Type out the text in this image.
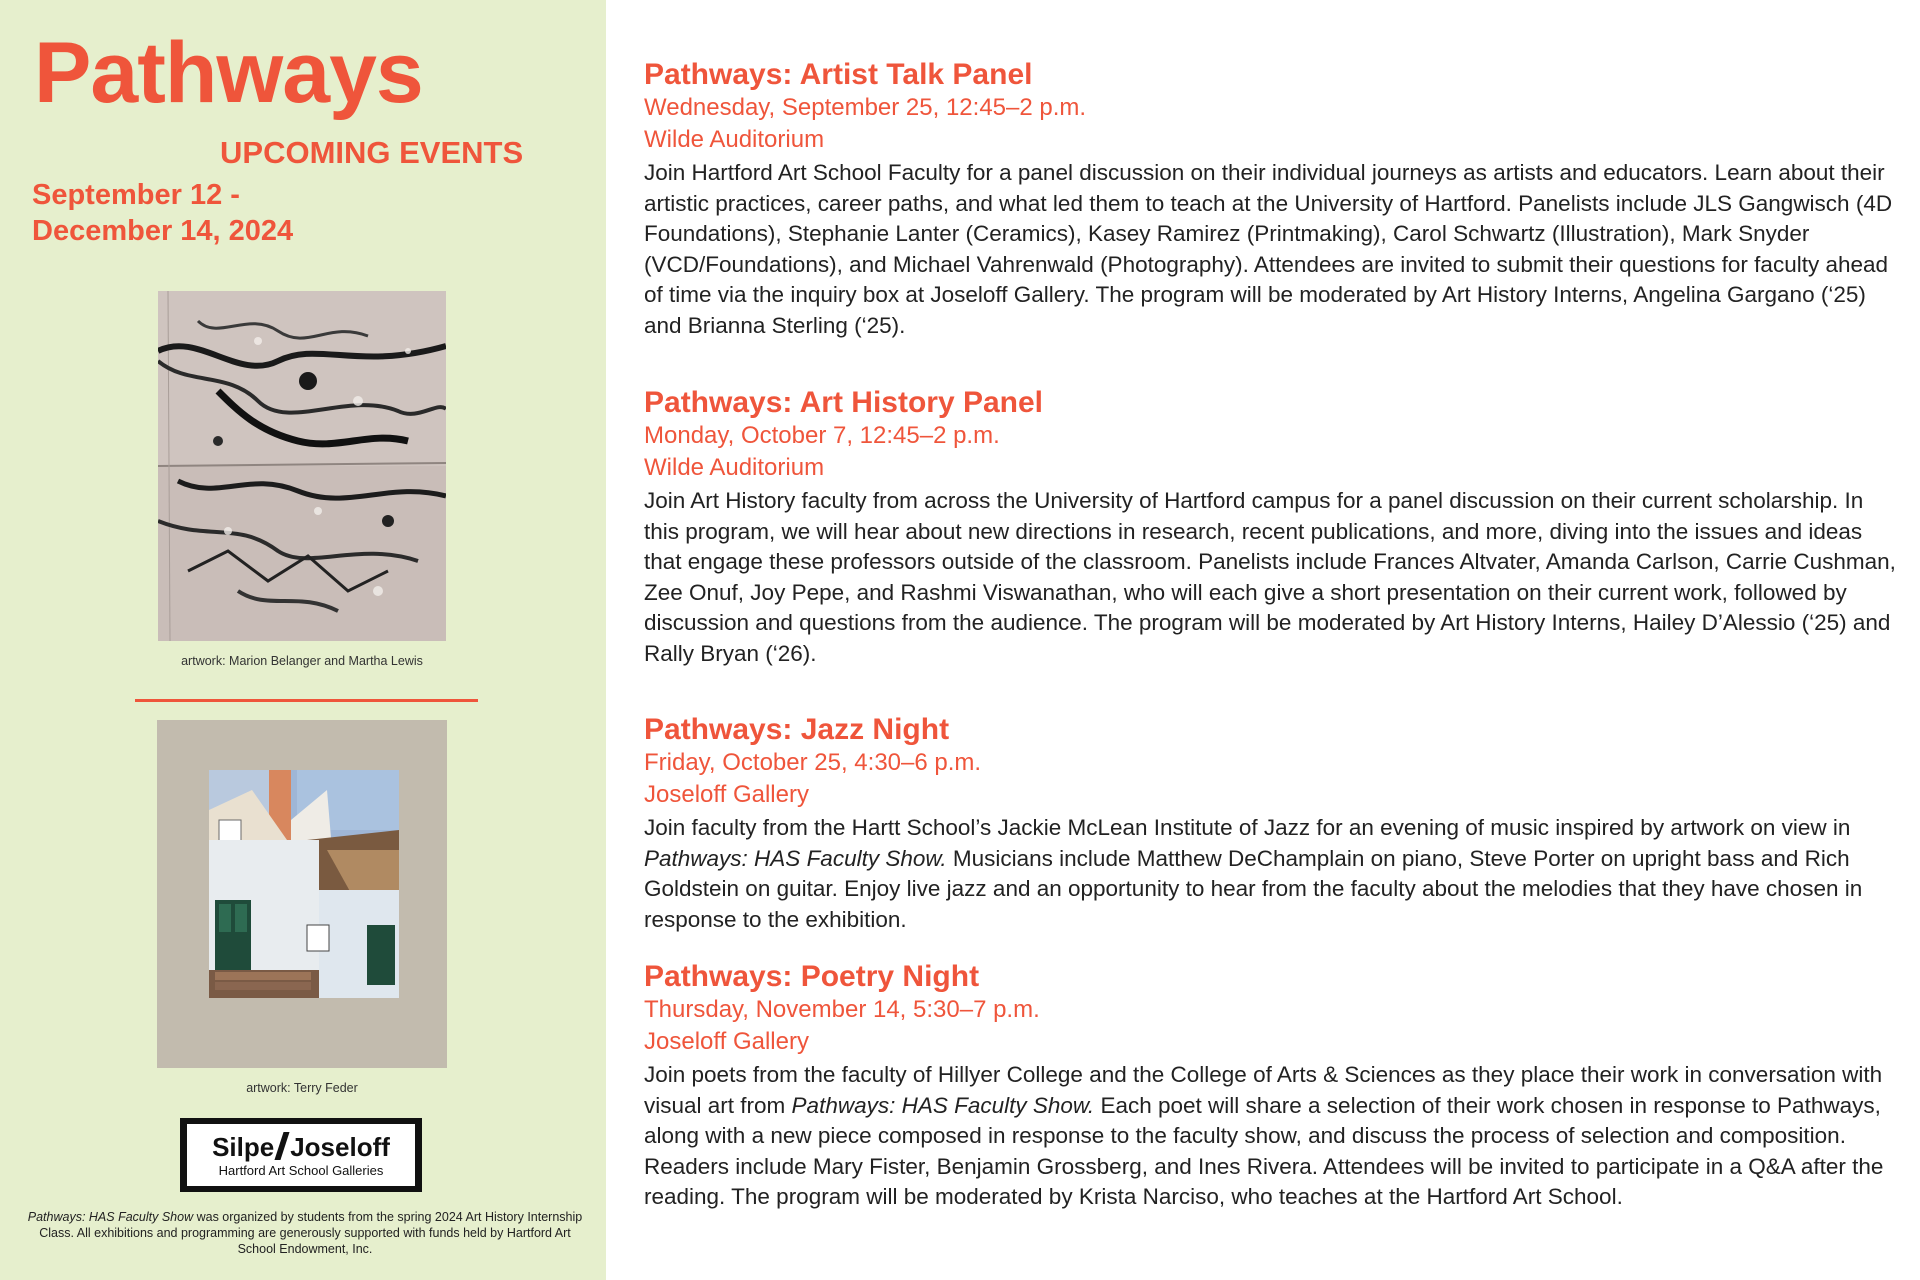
Pathways
UPCOMING EVENTS
September 12 -
December 14, 2024
artwork: Marion Belanger and Martha Lewis
artwork: Terry Feder
Silpe Joseloff
Hartford Art School Galleries
Pathways: HAS Faculty Show was organized by students from the spring 2024 Art History Internship Class. All exhibitions and programming are generously supported with funds held by Hartford Art School Endowment, Inc.
Pathways: Artist Talk Panel
Wednesday, September 25, 12:45–2 p.m.
Wilde Auditorium
Join Hartford Art School Faculty for a panel discussion on their individual journeys as artists and educators. Learn about their artistic practices, career paths, and what led them to teach at the University of Hartford. Panelists include JLS Gangwisch (4D Foundations), Stephanie Lanter (Ceramics), Kasey Ramirez (Printmaking), Carol Schwartz (Illustration), Mark Snyder (VCD/Foundations), and Michael Vahrenwald (Photography). Attendees are invited to submit their questions for faculty ahead of time via the inquiry box at Joseloff Gallery. The program will be moderated by Art History Interns, Angelina Gargano (‘25) and Brianna Sterling (‘25).
Pathways: Art History Panel
Monday, October 7, 12:45–2 p.m.
Wilde Auditorium
Join Art History faculty from across the University of Hartford campus for a panel discussion on their current scholarship. In this program, we will hear about new directions in research, recent publications, and more, diving into the issues and ideas that engage these professors outside of the classroom. Panelists include Frances Altvater, Amanda Carlson, Carrie Cushman, Zee Onuf, Joy Pepe, and Rashmi Viswanathan, who will each give a short presentation on their current work, followed by discussion and questions from the audience. The program will be moderated by Art History Interns, Hailey D’Alessio (‘25) and Rally Bryan (‘26).
Pathways: Jazz Night
Friday, October 25, 4:30–6 p.m.
Joseloff Gallery
Join faculty from the Hartt School’s Jackie McLean Institute of Jazz for an evening of music inspired by artwork on view in Pathways: HAS Faculty Show. Musicians include Matthew DeChamplain on piano, Steve Porter on upright bass and Rich Goldstein on guitar. Enjoy live jazz and an opportunity to hear from the faculty about the melodies that they have chosen in response to the exhibition.
Pathways: Poetry Night
Thursday, November 14, 5:30–7 p.m.
Joseloff Gallery
Join poets from the faculty of Hillyer College and the College of Arts & Sciences as they place their work in conversation with visual art from Pathways: HAS Faculty Show. Each poet will share a selection of their work chosen in response to Pathways, along with a new piece composed in response to the faculty show, and discuss the process of selection and composition. Readers include Mary Fister, Benjamin Grossberg, and Ines Rivera. Attendees will be invited to participate in a Q&A after the reading. The program will be moderated by Krista Narciso, who teaches at the Hartford Art School.
